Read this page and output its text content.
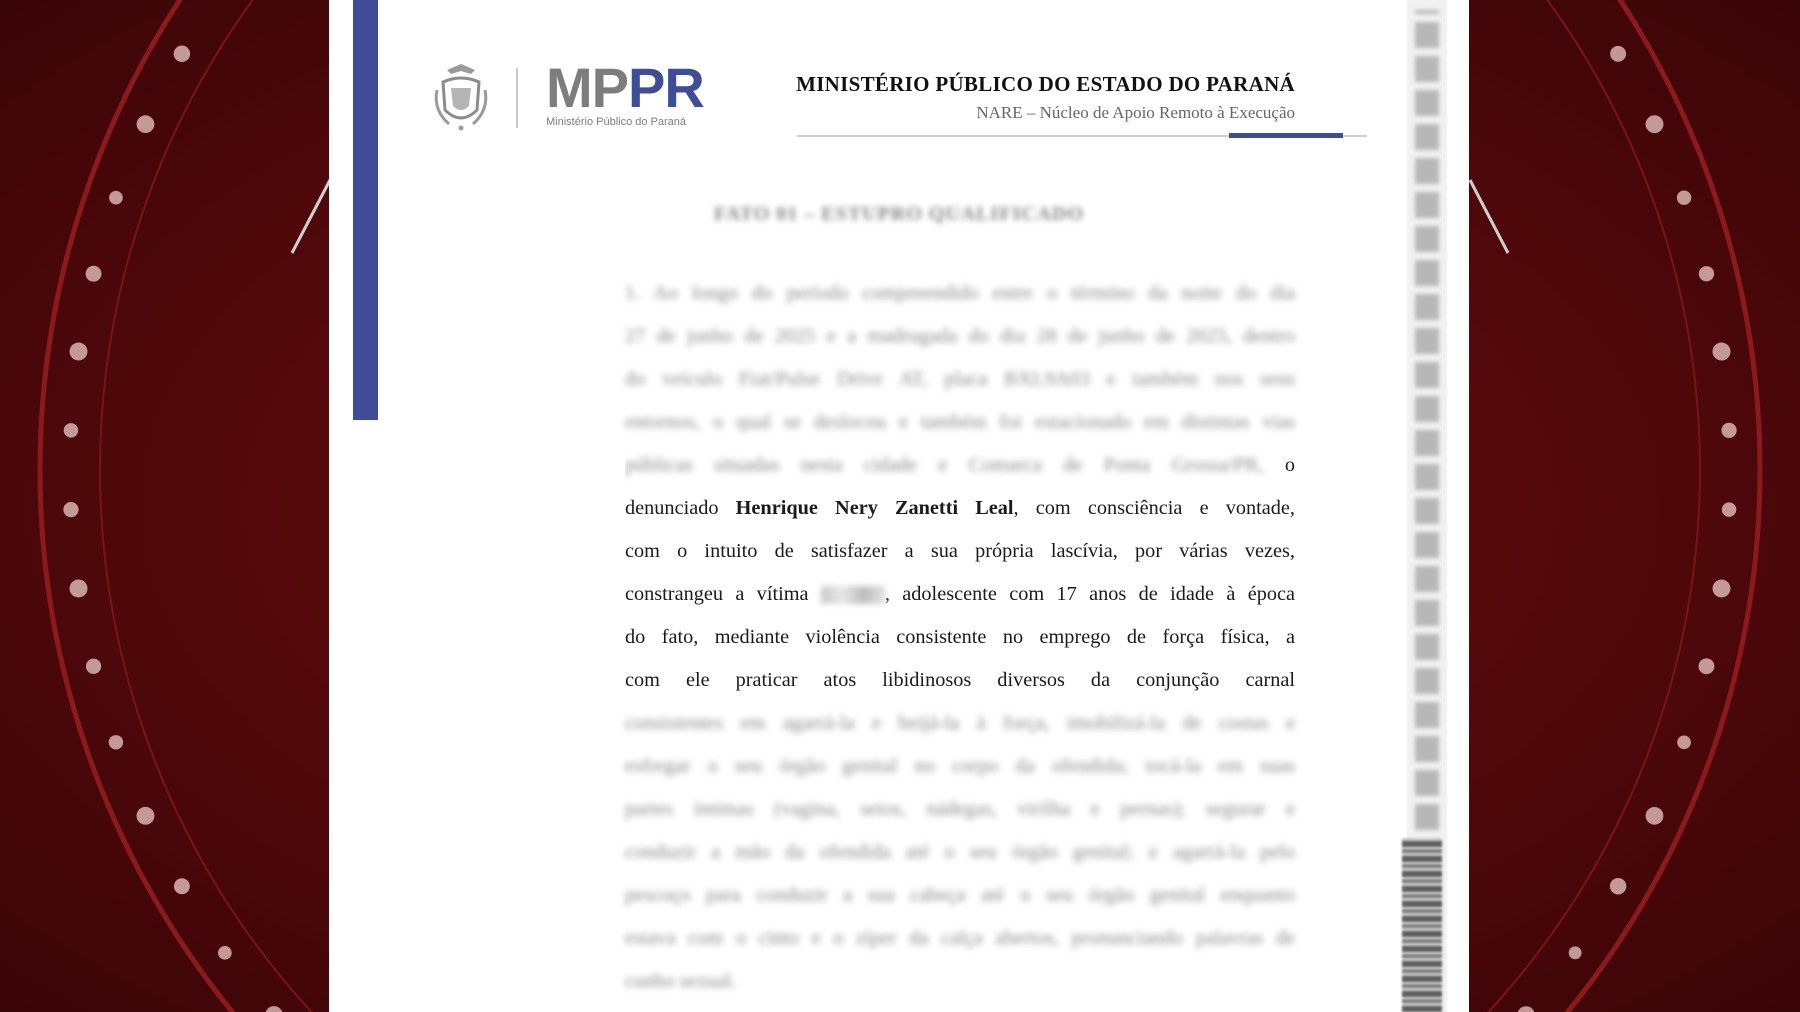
MPPR
Ministério Público do Paraná
MINISTÉRIO PÚBLICO DO ESTADO DO PARANÁ
NARE – Núcleo de Apoio Remoto à Execução
FATO 01 – ESTUPRO QUALIFICADO
1. Ao longo do período compreendido entre o término da noite do dia
27 de junho de 2025 e a madrugada do dia 28 de junho de 2025, dentro
do veículo Fiat/Pulse Drive AT, placa BXL9A03 e também nos seus
entornos, o qual se deslocou e também foi estacionado em distintas vias
públicas situadas nesta cidade e Comarca de Ponta Grossa/PR, o
denunciado Henrique Nery Zanetti Leal, com consciência e vontade,
com o intuito de satisfazer a sua própria lascívia, por várias vezes,
constrangeu a vítima	, adolescente com 17 anos de idade à época
do fato, mediante violência consistente no emprego de força física, a
com ele praticar atos libidinosos diversos da conjunção carnal
consistentes em agarrá-la e beijá-la à força, imobilizá-la de costas e
esfregar o seu órgão genital no corpo da ofendida; tocá-la em suas
partes íntimas (vagina, seios, nádegas, virilha e pernas); segurar e
conduzir a mão da ofendida até o seu órgão genital; e agarrá-la pelo
pescoço para conduzir a sua cabeça até o seu órgão genital enquanto
estava com o cinto e o zíper da calça abertos, pronunciando palavras de
cunho sexual.
